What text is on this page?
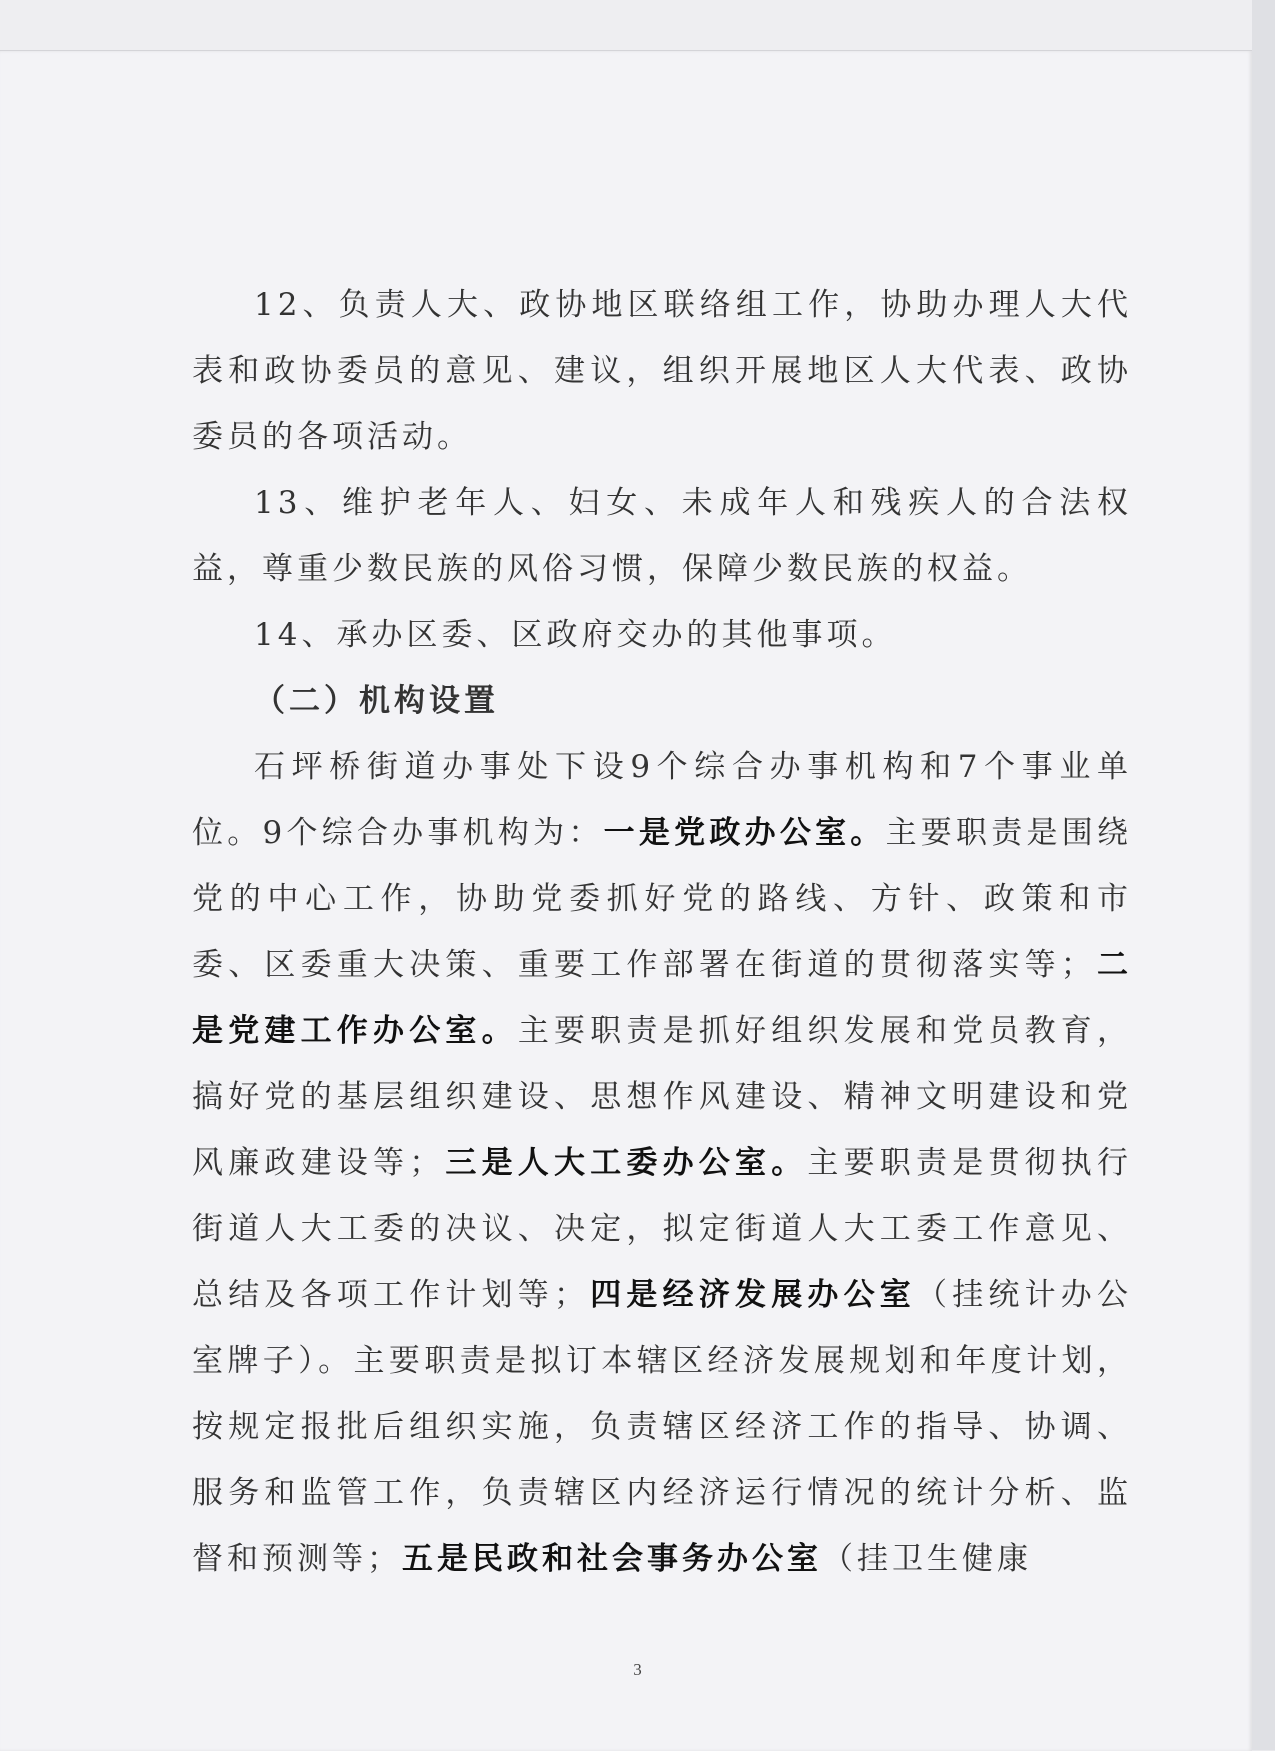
12、负责人大、政协地区联络组工作，协助办理人大代表和政协委员的意见、建议，组织开展地区人大代表、政协委员的各项活动。

13、维护老年人、妇女、未成年人和残疾人的合法权益，尊重少数民族的风俗习惯，保障少数民族的权益。

14、承办区委、区政府交办的其他事项。

（二）机构设置

石坪桥街道办事处下设9个综合办事机构和7个事业单位。9个综合办事机构为：一是党政办公室。主要职责是围绕党的中心工作，协助党委抓好党的路线、方针、政策和市委、区委重大决策、重要工作部署在街道的贯彻落实等；二是党建工作办公室。主要职责是抓好组织发展和党员教育，搞好党的基层组织建设、思想作风建设、精神文明建设和党风廉政建设等；三是人大工委办公室。主要职责是贯彻执行街道人大工委的决议、决定，拟定街道人大工委工作意见、总结及各项工作计划等；四是经济发展办公室（挂统计办公室牌子）。主要职责是拟订本辖区经济发展规划和年度计划，按规定报批后组织实施，负责辖区经济工作的指导、协调、服务和监管工作，负责辖区内经济运行情况的统计分析、监督和预测等；五是民政和社会事务办公室（挂卫生健康

3
